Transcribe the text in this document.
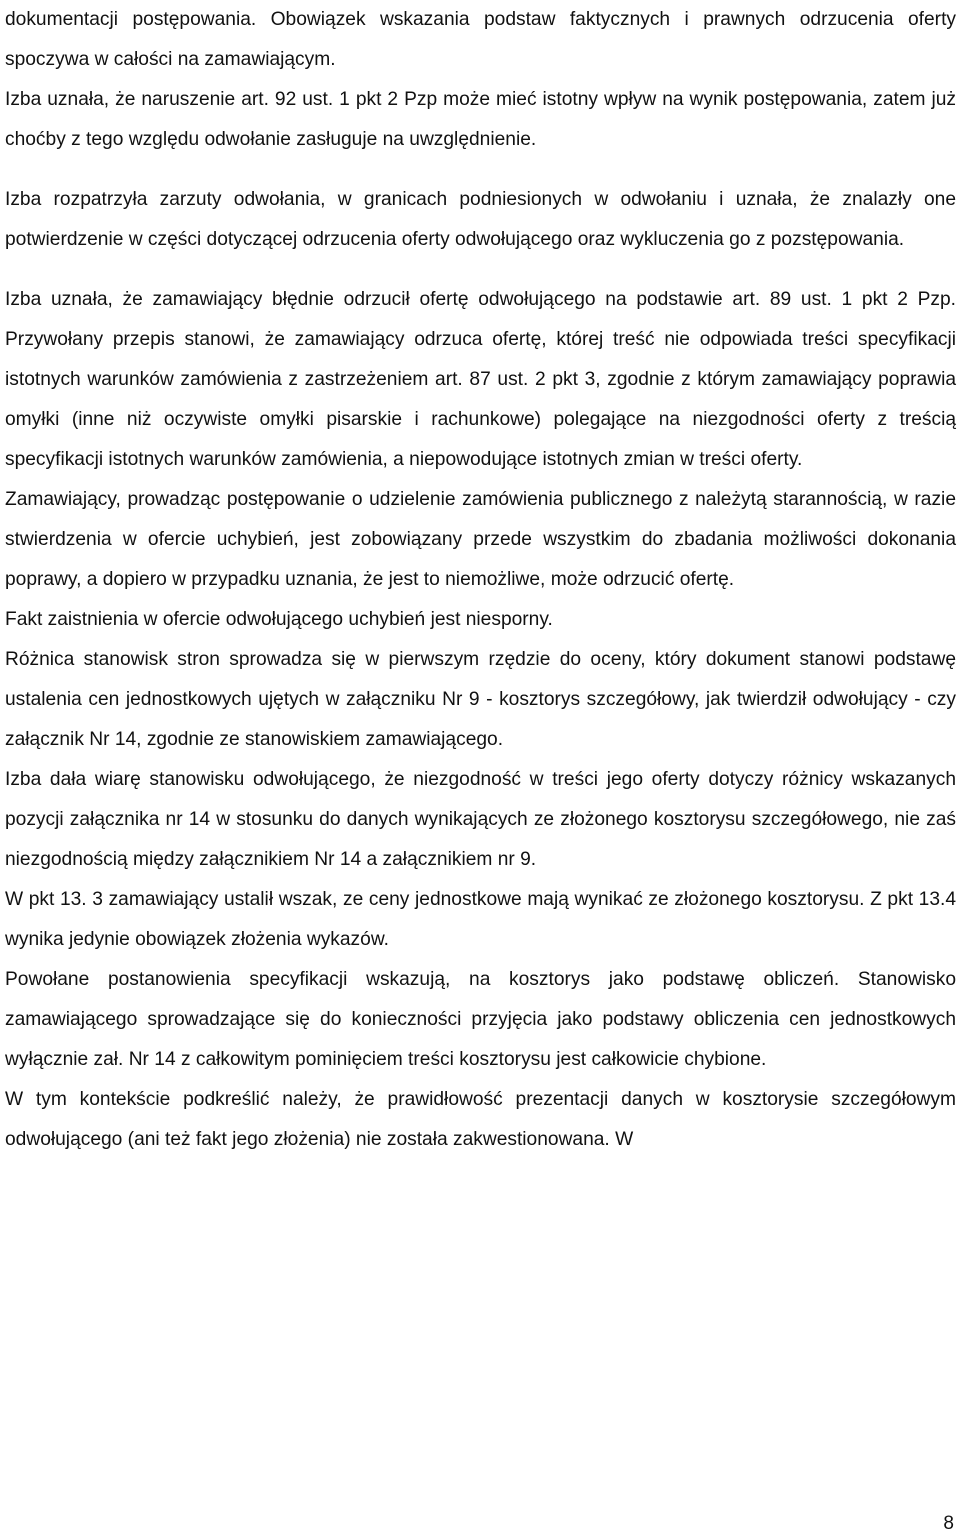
dokumentacji postępowania. Obowiązek wskazania podstaw faktycznych i prawnych odrzucenia oferty spoczywa w całości na zamawiającym.

Izba uznała, że naruszenie art. 92 ust. 1 pkt 2 Pzp może mieć istotny wpływ na wynik postępowania, zatem już choćby z tego względu odwołanie zasługuje na uwzględnienie.

Izba rozpatrzyła zarzuty odwołania, w granicach podniesionych w odwołaniu i uznała, że znalazły one potwierdzenie w części dotyczącej odrzucenia oferty odwołującego oraz wykluczenia go z pozstępowania.

Izba uznała, że zamawiający błędnie odrzucił ofertę odwołującego na podstawie art. 89 ust. 1 pkt 2 Pzp. Przywołany przepis stanowi, że zamawiający odrzuca ofertę, której treść nie odpowiada treści specyfikacji istotnych warunków zamówienia z zastrzeżeniem art. 87 ust. 2 pkt 3, zgodnie z którym zamawiający poprawia omyłki (inne niż oczywiste omyłki pisarskie i rachunkowe) polegające na niezgodności oferty z treścią specyfikacji istotnych warunków zamówienia, a niepowodujące istotnych zmian w treści oferty.

Zamawiający, prowadząc postępowanie o udzielenie zamówienia publicznego z należytą starannością, w razie stwierdzenia w ofercie uchybień, jest zobowiązany przede wszystkim do zbadania możliwości dokonania poprawy, a dopiero w przypadku uznania, że jest to niemożliwe, może odrzucić ofertę.

Fakt zaistnienia w ofercie odwołującego uchybień jest niesporny.

Różnica stanowisk stron sprowadza się w pierwszym rzędzie do oceny, który dokument stanowi podstawę ustalenia cen jednostkowych ujętych w załączniku Nr 9 - kosztorys szczegółowy, jak twierdził odwołujący - czy załącznik Nr 14, zgodnie ze stanowiskiem zamawiającego.

Izba dała wiarę stanowisku odwołującego, że niezgodność w treści jego oferty dotyczy różnicy wskazanych pozycji załącznika nr 14 w stosunku do danych wynikających ze złożonego kosztorysu szczegółowego, nie zaś niezgodnością między załącznikiem Nr 14 a załącznikiem nr 9.

W pkt 13. 3 zamawiający ustalił wszak, ze ceny jednostkowe mają wynikać ze złożonego kosztorysu. Z pkt 13.4 wynika jedynie obowiązek złożenia wykazów.

Powołane postanowienia specyfikacji wskazują, na kosztorys jako podstawę obliczeń. Stanowisko zamawiającego sprowadzające się do konieczności przyjęcia jako podstawy obliczenia cen jednostkowych wyłącznie zał. Nr 14 z całkowitym pominięciem treści kosztorysu jest całkowicie chybione.

W tym kontekście podkreślić należy, że prawidłowość prezentacji danych w kosztorysie szczegółowym odwołującego (ani też fakt jego złożenia) nie została zakwestionowana. W

8
